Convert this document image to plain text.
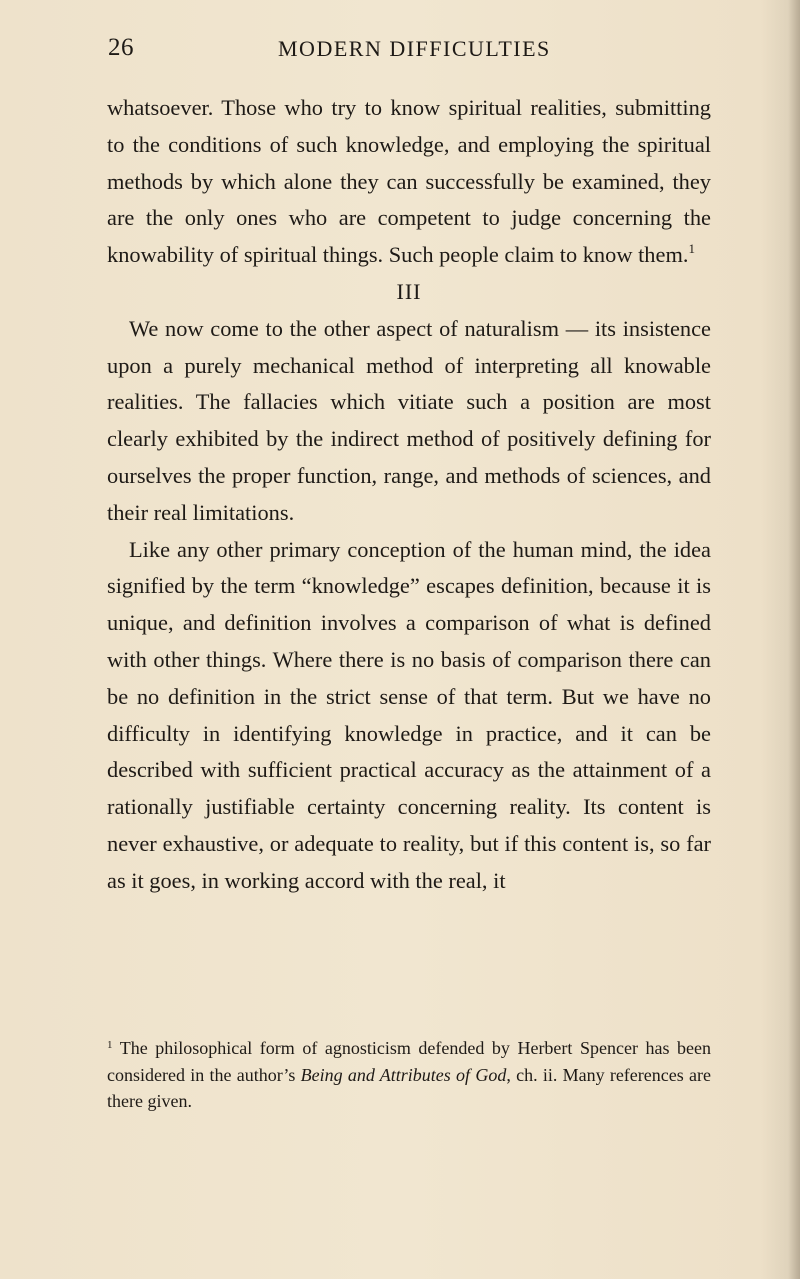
26	MODERN DIFFICULTIES

whatsoever. Those who try to know spiritual realities, submitting to the conditions of such knowledge, and employing the spiritual methods by which alone they can successfully be examined, they are the only ones who are competent to judge concerning the knowability of spiritual things. Such people claim to know them.$^1$

III

We now come to the other aspect of naturalism — its insistence upon a purely mechanical method of interpreting all knowable realities. The fallacies which vitiate such a position are most clearly exhibited by the indirect method of positively defining for ourselves the proper function, range, and methods of sciences, and their real limitations.

Like any other primary conception of the human mind, the idea signified by the term “knowledge” escapes definition, because it is unique, and definition involves a comparison of what is defined with other things. Where there is no basis of comparison there can be no definition in the strict sense of that term. But we have no difficulty in identifying knowledge in practice, and it can be described with sufficient practical accuracy as the attainment of a rationally justifiable certainty concerning reality. Its content is never exhaustive, or adequate to reality, but if this content is, so far as it goes, in working accord with the real, it

$^1$ The philosophical form of agnosticism defended by Herbert Spencer has been considered in the author’s Being and Attributes of God, ch. ii. Many references are there given.
